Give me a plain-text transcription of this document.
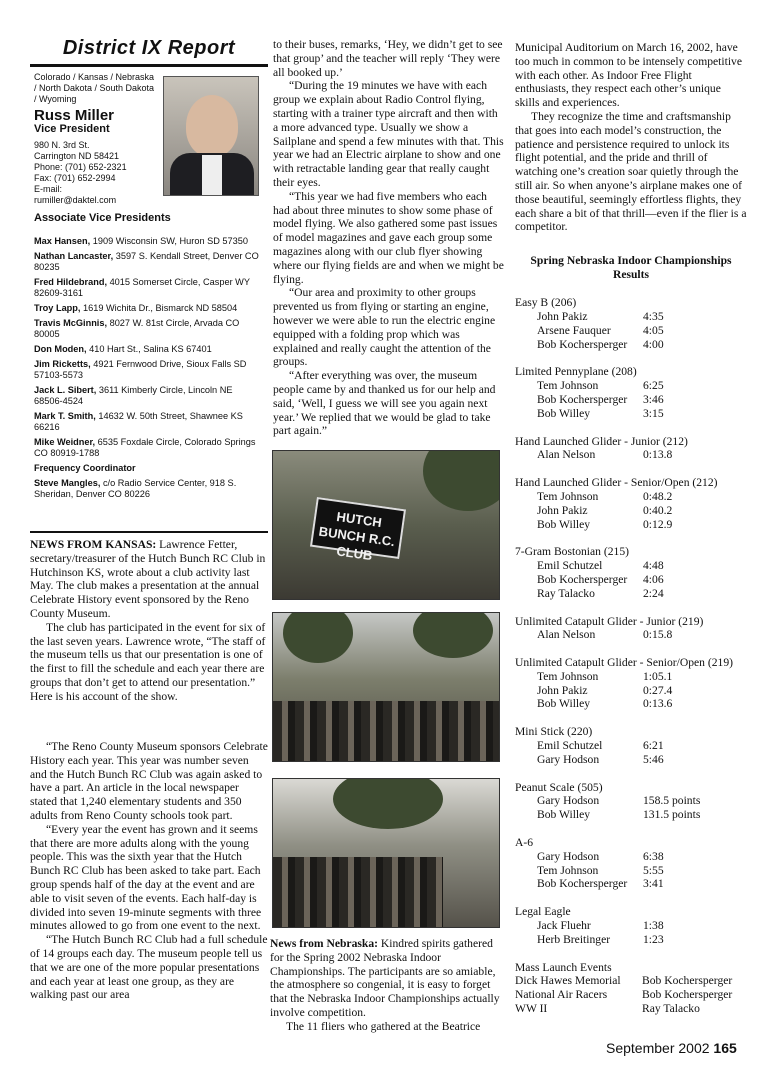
District IX Report
Colorado / Kansas / Nebraska / North Dakota / South Dakota / Wyoming
Russ Miller
Vice President
980 N. 3rd St.
Carrington ND 58421
Phone: (701) 652-2321
Fax: (701) 652-2994
E-mail:
rumiller@daktel.com
Associate Vice Presidents
Max Hansen, 1909 Wisconsin SW, Huron SD 57350
Nathan Lancaster, 3597 S. Kendall Street, Denver CO 80235
Fred Hildebrand, 4015 Somerset Circle, Casper WY 82609-3161
Troy Lapp, 1619 Wichita Dr., Bismarck ND 58504
Travis McGinnis, 8027 W. 81st Circle, Arvada CO 80005
Don Moden, 410 Hart St., Salina KS 67401
Jim Ricketts, 4921 Fernwood Drive, Sioux Falls SD 57103-5573
Jack L. Sibert, 3611 Kimberly Circle, Lincoln NE 68506-4524
Mark T. Smith, 14632 W. 50th Street, Shawnee KS 66216
Mike Weidner, 6535 Foxdale Circle, Colorado Springs CO 80919-1788
Frequency Coordinator
Steve Mangles, c/o Radio Service Center, 918 S. Sheridan, Denver CO 80226

NEWS FROM KANSAS: Lawrence Fetter, secretary/treasurer of the Hutch Bunch RC Club in Hutchinson KS, wrote about a club activity last May. The club makes a presentation at the annual Celebrate History event sponsored by the Reno County Museum.

The club has participated in the event for six of the last seven years. Lawrence wrote, “The staff of the museum tells us that our presentation is one of the first to fill the schedule and each year there are groups that don’t get to attend our presentation.” Here is his account of the show.

“The Reno County Museum sponsors Celebrate History each year. This year was number seven and the Hutch Bunch RC Club was again asked to have a part. An article in the local newspaper stated that 1,240 elementary students and 350 adults from Reno County schools took part.

“Every year the event has grown and it seems that there are more adults along with the young people. This was the sixth year that the Hutch Bunch RC Club has been asked to take part. Each group spends half of the day at the event and are able to visit seven of the events. Each half-day is divided into seven 19-minute segments with three minutes allowed to go from one event to the next.

“The Hutch Bunch RC Club had a full schedule of 14 groups each day. The museum people tell us that we are one of the more popular presentations and each year at least one group, as they are walking past our area

to their buses, remarks, ‘Hey, we didn’t get to see that group’ and the teacher will reply ‘They were all booked up.’

“During the 19 minutes we have with each group we explain about Radio Control flying, starting with a trainer type aircraft and then with a more advanced type. Usually we show a Sailplane and spend a few minutes with that. This year we had an Electric airplane to show and one with retractable landing gear that really caught their eyes.

“This year we had five members who each had about three minutes to show some phase of model flying. We also gathered some past issues of model magazines and gave each group some magazines along with our club flyer showing where our flying fields are and when we might be flying.

“Our area and proximity to other groups prevented us from flying or starting an engine, however we were able to run the electric engine equipped with a folding prop which was explained and really caught the attention of the groups.

“After everything was over, the museum people came by and thanked us for our help and said, ‘Well, I guess we will see you again next year.’ We replied that we would be glad to take part again.”

HUTCH BUNCH R.C. CLUB

News from Nebraska: Kindred spirits gathered for the Spring 2002 Nebraska Indoor Championships. The participants are so amiable, the atmosphere so congenial, it is easy to forget that the Nebraska Indoor Championships actually involve competition.

The 11 fliers who gathered at the Beatrice

Municipal Auditorium on March 16, 2002, have too much in common to be intensely competitive with each other. As Indoor Free Flight enthusiasts, they respect each other’s unique skills and experiences.

They recognize the time and craftsmanship that goes into each model’s construction, the patience and persistence required to unlock its flight potential, and the pride and thrill of watching one’s creation soar quietly through the still air. So when anyone’s airplane makes one of those beautiful, seemingly effortless flights, they each share a bit of that thrill—even if the flier is a competitor.

Spring Nebraska Indoor Championships Results
Easy B (206)
John Pakiz	4:35
Arsene Fauquer	4:05
Bob Kochersperger	4:00
Limited Pennyplane (208)
Tem Johnson	6:25
Bob Kochersperger	3:46
Bob Willey	3:15
Hand Launched Glider - Junior (212)
Alan Nelson	0:13.8
Hand Launched Glider - Senior/Open (212)
Tem Johnson	0:48.2
John Pakiz	0:40.2
Bob Willey	0:12.9
7-Gram Bostonian (215)
Emil Schutzel	4:48
Bob Kochersperger	4:06
Ray Talacko	2:24
Unlimited Catapult Glider - Junior (219)
Alan Nelson	0:15.8
Unlimited Catapult Glider - Senior/Open (219)
Tem Johnson	1:05.1
John Pakiz	0:27.4
Bob Willey	0:13.6
Mini Stick (220)
Emil Schutzel	6:21
Gary Hodson	5:46
Peanut Scale (505)
Gary Hodson	158.5 points
Bob Willey	131.5 points
A-6
Gary Hodson	6:38
Tem Johnson	5:55
Bob Kochersperger	3:41
Legal Eagle
Jack Fluehr	1:38
Herb Breitinger	1:23
Mass Launch Events
Dick Hawes Memorial	Bob Kochersperger
National Air Racers	Bob Kochersperger
WW II	Ray Talacko
September 2002 165
